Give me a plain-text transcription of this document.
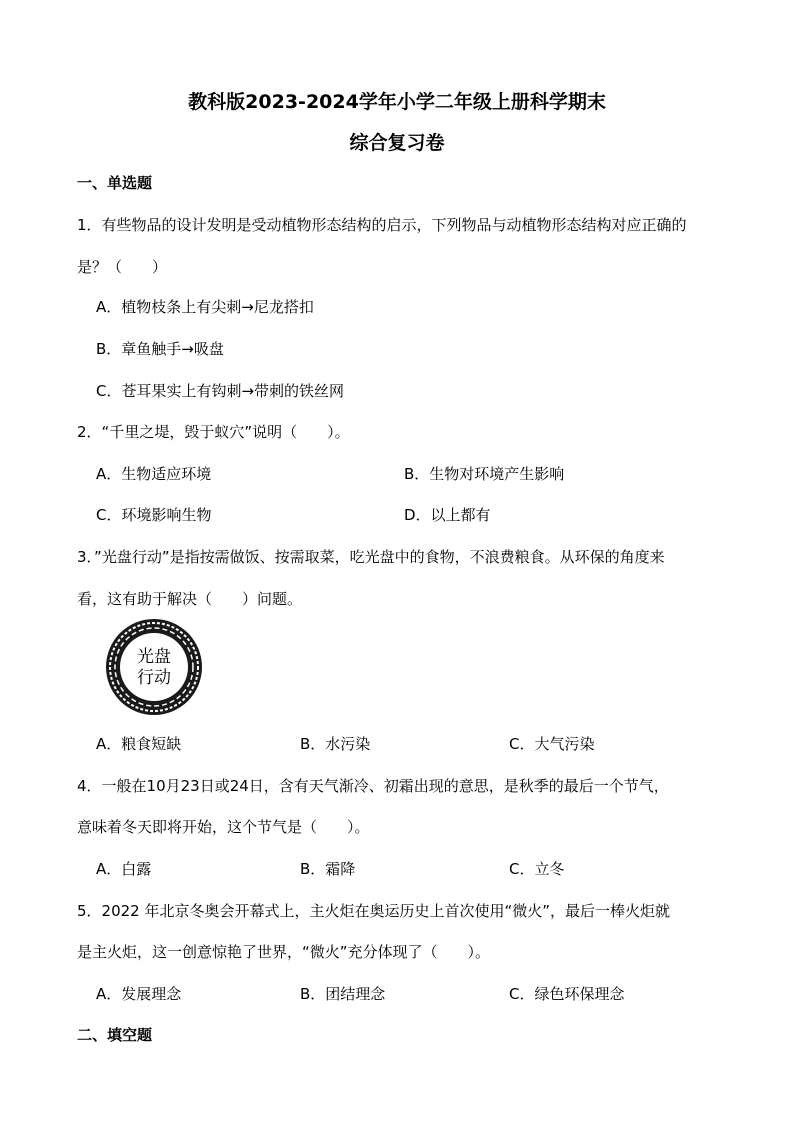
教科版2023-2024学年小学二年级上册科学期末
综合复习卷
一、单选题
1．有些物品的设计发明是受动植物形态结构的启示，下列物品与动植物形态结构对应正确的
是？（　　）
A．植物枝条上有尖刺→尼龙搭扣
B．章鱼触手→吸盘
C．苍耳果实上有钩刺→带刺的铁丝网
2．“千里之堤，毁于蚁穴”说明（　　）。
A．生物适应环境	B．生物对环境产生影响
C．环境影响生物	D．以上都有
3．”光盘行动”是指按需做饭、按需取菜，吃光盘中的食物，不浪费粮食。从环保的角度来
看，这有助于解决（　　）问题。
光盘
行动
A．粮食短缺	B．水污染	C．大气污染
4．一般在10月23日或24日，含有天气渐冷、初霜出现的意思，是秋季的最后一个节气，
意味着冬天即将开始，这个节气是（　　）。
A．白露	B．霜降	C．立冬
5．2022 年北京冬奥会开幕式上，主火炬在奥运历史上首次使用“微火”，最后一棒火炬就
是主火炬，这一创意惊艳了世界，“微火”充分体现了（　　）。
A．发展理念	B．团结理念	C．绿色环保理念
二、填空题
